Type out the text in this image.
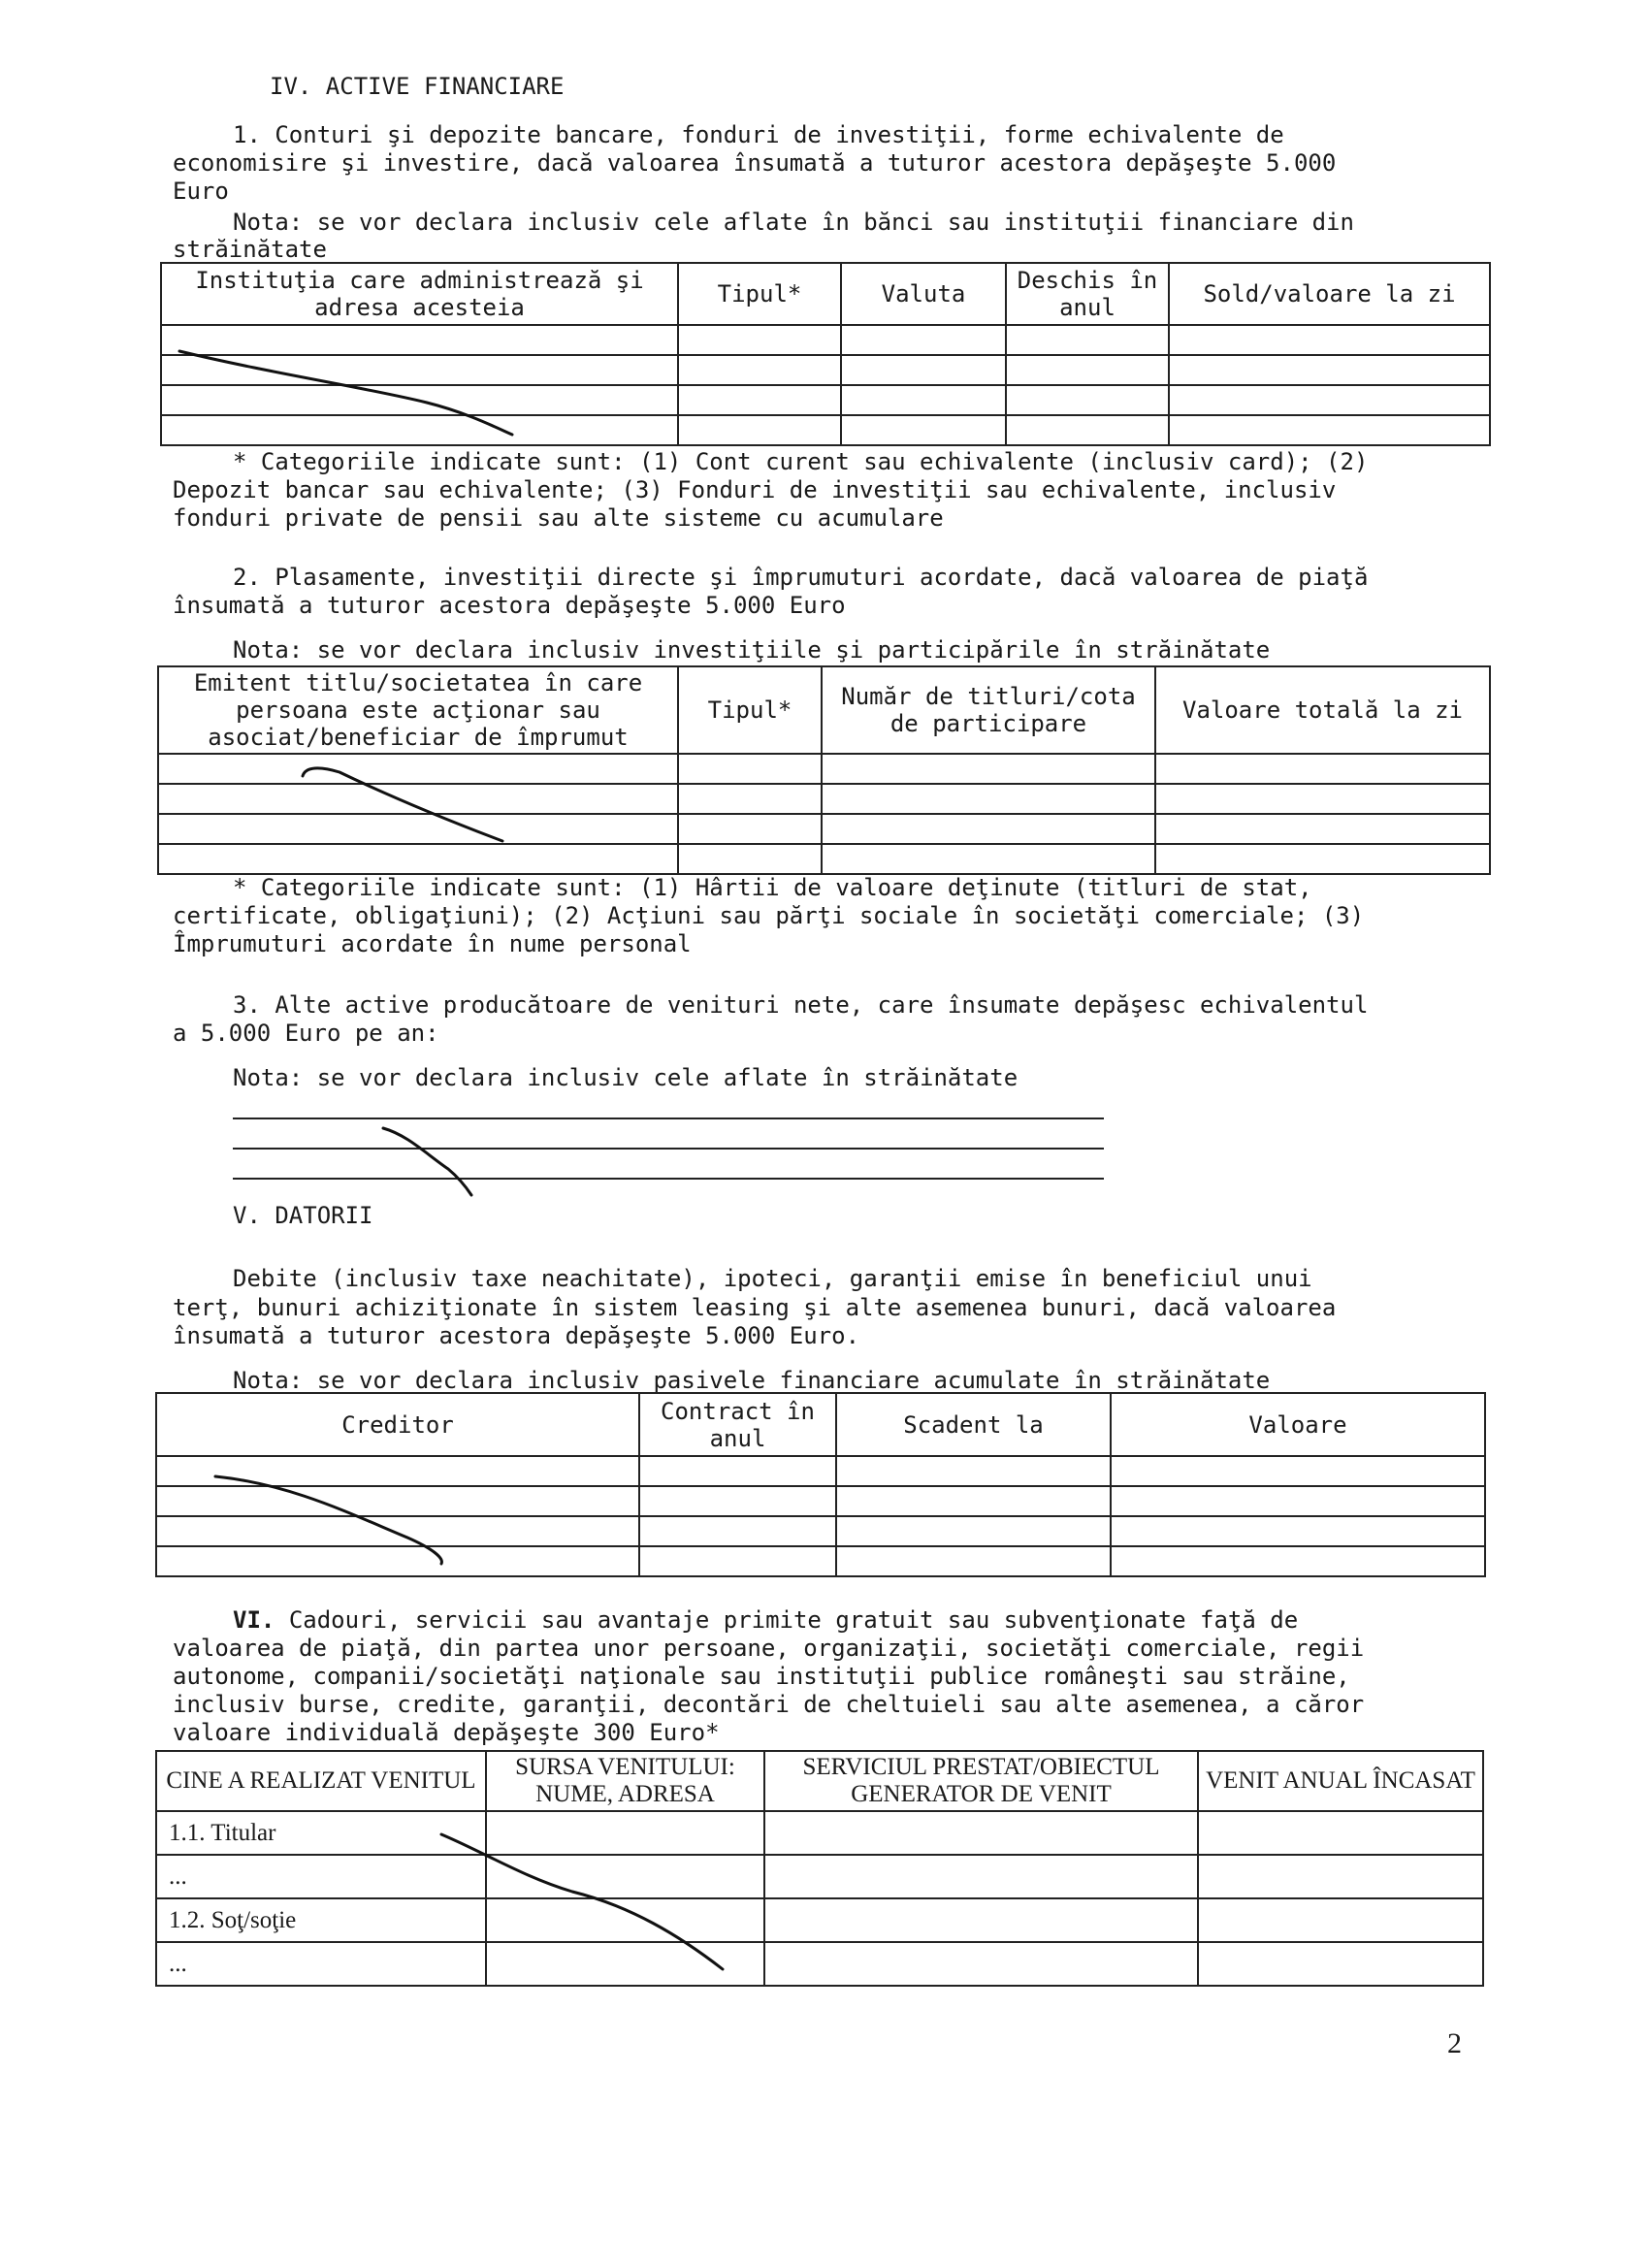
IV. ACTIVE FINANCIARE
1. Conturi şi depozite bancare, fonduri de investiţii, forme echivalente de
economisire şi investire, dacă valoarea însumată a tuturor acestora depăşeşte 5.000
Euro
Nota: se vor declara inclusiv cele aflate în bănci sau instituţii financiare din
străinătate
Instituţia care administrează şi adresa acesteia	Tipul*	Valuta	Deschis în anul	Sold/valoare la zi

* Categoriile indicate sunt: (1) Cont curent sau echivalente (inclusiv card); (2)
Depozit bancar sau echivalente; (3) Fonduri de investiţii sau echivalente, inclusiv
fonduri private de pensii sau alte sisteme cu acumulare
2. Plasamente, investiţii directe şi împrumuturi acordate, dacă valoarea de piaţă
însumată a tuturor acestora depăşeşte 5.000 Euro
Nota: se vor declara inclusiv investiţiile şi participările în străinătate
Emitent titlu/societatea în care persoana este acţionar sau asociat/beneficiar de împrumut	Tipul*	Număr de titluri/cota de participare	Valoare totală la zi

* Categoriile indicate sunt: (1) Hârtii de valoare deţinute (titluri de stat,
certificate, obligaţiuni); (2) Acţiuni sau părţi sociale în societăţi comerciale; (3)
Împrumuturi acordate în nume personal
3. Alte active producătoare de venituri nete, care însumate depăşesc echivalentul
a 5.000 Euro pe an:
Nota: se vor declara inclusiv cele aflate în străinătate
V. DATORII
Debite (inclusiv taxe neachitate), ipoteci, garanţii emise în beneficiul unui
terţ, bunuri achiziţionate în sistem leasing şi alte asemenea bunuri, dacă valoarea
însumată a tuturor acestora depăşeşte 5.000 Euro.
Nota: se vor declara inclusiv pasivele financiare acumulate în străinătate
Creditor	Contract în anul	Scadent la	Valoare

VI. Cadouri, servicii sau avantaje primite gratuit sau subvenţionate faţă de
valoarea de piaţă, din partea unor persoane, organizaţii, societăţi comerciale, regii
autonome, companii/societăţi naţionale sau instituţii publice româneşti sau străine,
inclusiv burse, credite, garanţii, decontări de cheltuieli sau alte asemenea, a căror
valoare individuală depăşeşte 300 Euro*
CINE A REALIZAT VENITUL	SURSA VENITULUI: NUME, ADRESA	SERVICIUL PRESTAT/OBIECTUL GENERATOR DE VENIT	VENIT ANUAL ÎNCASAT
1.1. Titular			
...			
1.2. Soţ/soţie			
...			
2
